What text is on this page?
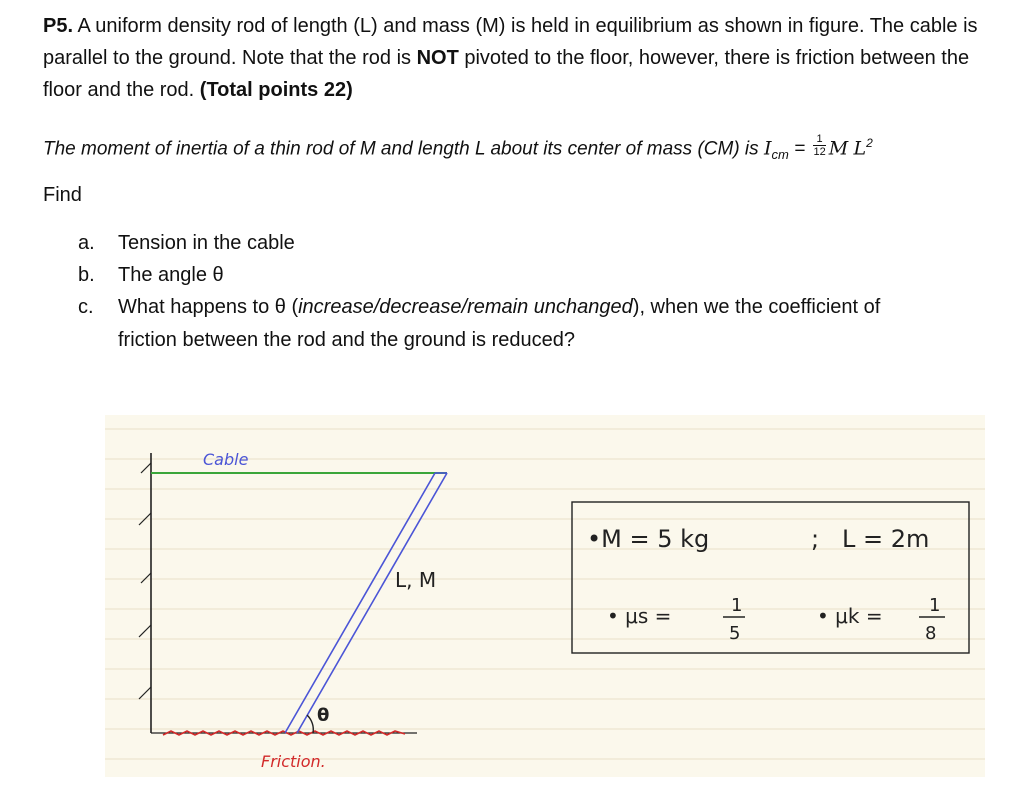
P5. A uniform density rod of length (L) and mass (M) is held in equilibrium as shown in figure. The cable is parallel to the ground. Note that the rod is NOT pivoted to the floor, however, there is friction between the floor and the rod. (Total points 22)
The moment of inertia of a thin rod of M and length L about its center of mass (CM) is $I_{cm} = \frac{1}{12}$ M $L^2$
Find
a.	Tension in the cable
b.	The angle θ
c.	What happens to θ (increase/decrease/remain unchanged), when we the coefficient of
friction between the rod and the ground is reduced?
Cable
L, M
θ
Friction.
•M = 5 kg	; L = 2m
• μs =	1
5
• μk =	1
8
